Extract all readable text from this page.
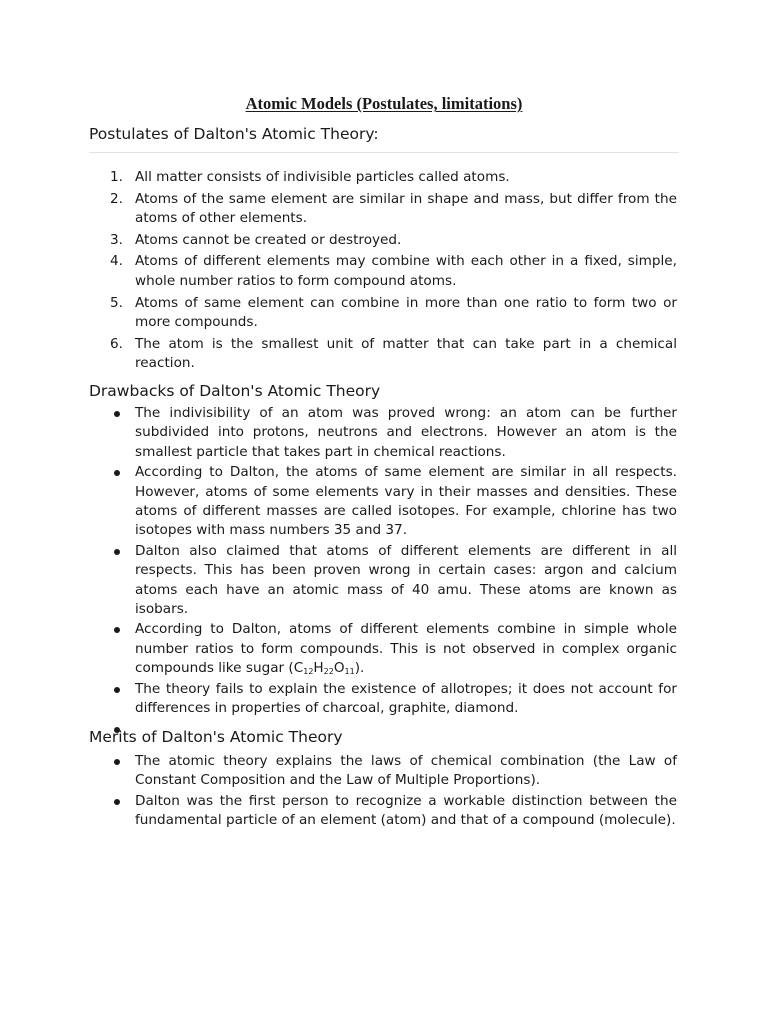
Atomic Models (Postulates, limitations)
Postulates of Dalton's Atomic Theory:
1. All matter consists of indivisible particles called atoms.
2. Atoms of the same element are similar in shape and mass, but differ from the atoms of other elements.
3. Atoms cannot be created or destroyed.
4. Atoms of different elements may combine with each other in a fixed, simple, whole number ratios to form compound atoms.
5. Atoms of same element can combine in more than one ratio to form two or more compounds.
6. The atom is the smallest unit of matter that can take part in a chemical reaction.
Drawbacks of Dalton's Atomic Theory
The indivisibility of an atom was proved wrong: an atom can be further subdivided into protons, neutrons and electrons. However an atom is the smallest particle that takes part in chemical reactions.
According to Dalton, the atoms of same element are similar in all respects. However, atoms of some elements vary in their masses and densities. These atoms of different masses are called isotopes. For example, chlorine has two isotopes with mass numbers 35 and 37.
Dalton also claimed that atoms of different elements are different in all respects. This has been proven wrong in certain cases: argon and calcium atoms each have an atomic mass of 40 amu. These atoms are known as isobars.
According to Dalton, atoms of different elements combine in simple whole number ratios to form compounds. This is not observed in complex organic compounds like sugar $(C_{12}H_{22}O_{11})$.
The theory fails to explain the existence of allotropes; it does not account for differences in properties of charcoal, graphite, diamond.
Merits of Dalton's Atomic Theory
The atomic theory explains the laws of chemical combination (the Law of Constant Composition and the Law of Multiple Proportions).
Dalton was the first person to recognize a workable distinction between the fundamental particle of an element (atom) and that of a compound (molecule).
